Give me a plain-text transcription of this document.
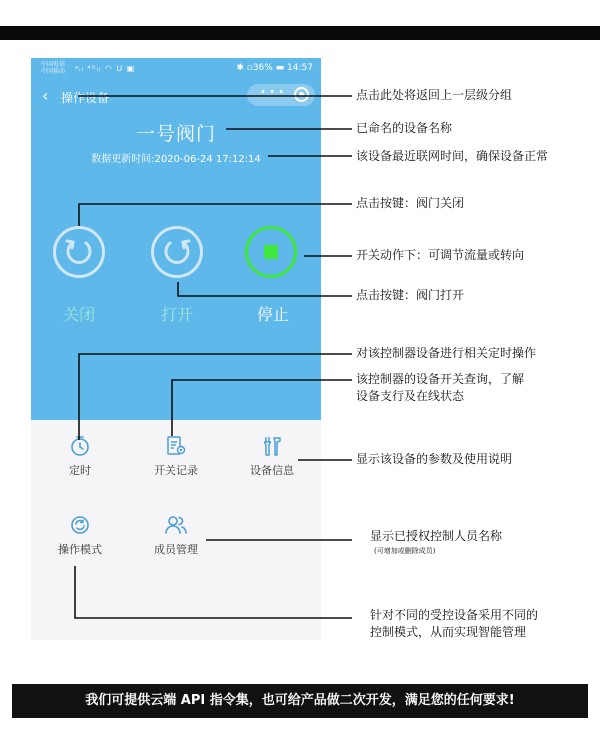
中国电信
中国移动 ᵃᵢₗ ⁴ᴳᵢₗ ◠ ᑌ ▣	✱ ▫36% ▬ 14:57
‹ 操作设备	• • •
一号阀门
数据更新时间:2020-06-24 17:12:14
关闭	打开	停止
定时	开关记录	设备信息
操作模式	成员管理
点击此处将返回上一层级分组
已命名的设备名称
该设备最近联网时间，确保设备正常
点击按键：阀门关闭
开关动作下：可调节流量或转向
点击按键：阀门打开
对该控制器设备进行相关定时操作
该控制器的设备开关查询，了解
设备支行及在线状态
显示该设备的参数及使用说明
显示已授权控制人员名称
(可增加或删除成员)
针对不同的受控设备采用不同的
控制模式，从而实现智能管理
我们可提供云端 API 指令集，也可给产品做二次开发，满足您的任何要求!
